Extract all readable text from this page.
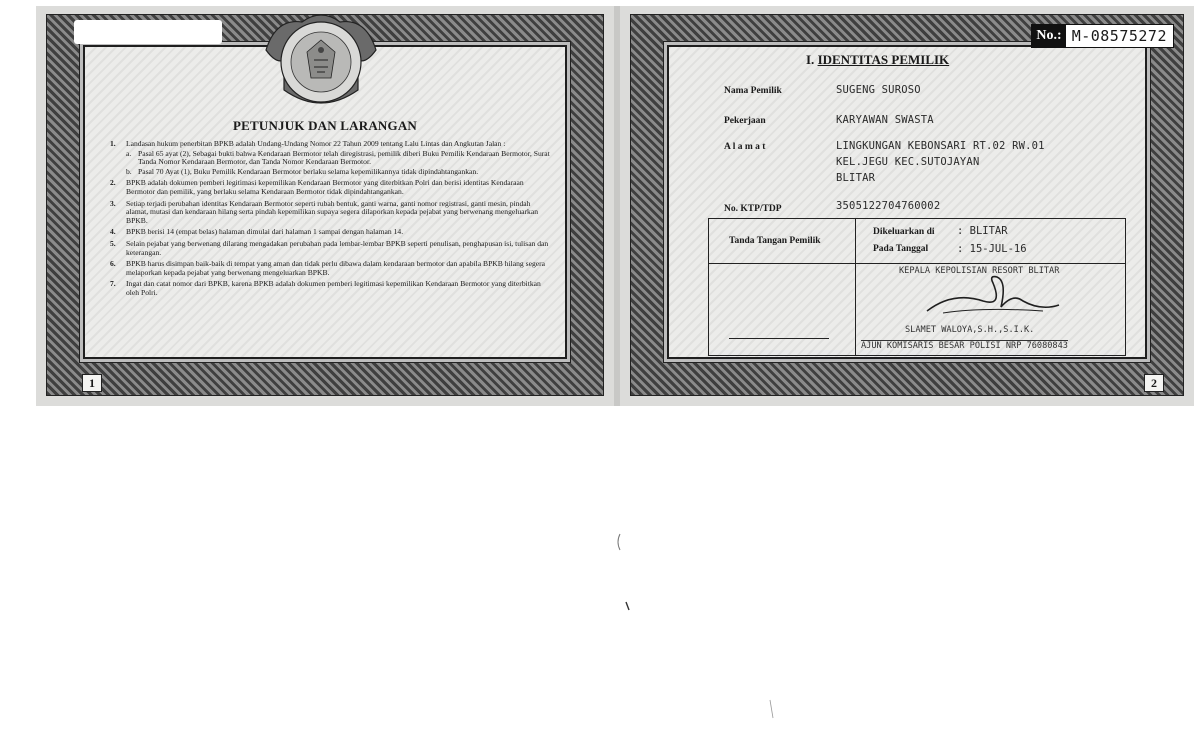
PETUNJUK DAN LARANGAN
1.	Landasan hukum penerbitan BPKB adalah Undang-Undang Nomor 22 Tahun 2009 tentang Lalu Lintas dan Angkutan Jalan :
a. Pasal 65 ayat (2), Sebagai bukti bahwa Kendaraan Bermotor telah diregistrasi, pemilik diberi Buku Pemilik Kendaraan Bermotor, Surat Tanda Nomor Kendaraan Bermotor, dan Tanda Nomor Kendaraan Bermotor.
b. Pasal 70 Ayat (1), Buku Pemilik Kendaraan Bermotor berlaku selama kepemilikannya tidak dipindahtangankan.
2.	BPKB adalah dokumen pemberi legitimasi kepemilikan Kendaraan Bermotor yang diterbitkan Polri dan berisi identitas Kendaraan Bermotor dan pemilik, yang berlaku selama Kendaraan Bermotor tidak dipindahtangankan.
3.	Setiap terjadi perubahan identitas Kendaraan Bermotor seperti rubah bentuk, ganti warna, ganti nomor registrasi, ganti mesin, pindah alamat, mutasi dan kendaraan hilang serta pindah kepemilikan supaya segera dilaporkan kepada pejabat yang berwenang mengeluarkan BPKB.
4.	BPKB berisi 14 (empat belas) halaman dimulai dari halaman 1 sampai dengan halaman 14.
5.	Selain pejabat yang berwenang dilarang mengadakan perubahan pada lembar-lembar BPKB seperti penulisan, penghapusan isi, tulisan dan keterangan.
6.	BPKB harus disimpan baik-baik di tempat yang aman dan tidak perlu dibawa dalam kendaraan bermotor dan apabila BPKB hilang segera melaporkan kepada pejabat yang berwenang mengeluarkan BPKB.
7.	Ingat dan catat nomor dari BPKB, karena BPKB adalah dokumen pemberi legitimasi kepemilikan Kendaraan Bermotor yang diterbitkan oleh Polri.
1
No.: M-08575272
I. IDENTITAS PEMILIK
Nama Pemilik	SUGENG SUROSO
Pekerjaan	KARYAWAN SWASTA
A l a m a t	LINGKUNGAN KEBONSARI RT.02 RW.01
KEL.JEGU KEC.SUTOJAYAN
BLITAR
No. KTP/TDP	3505122704760002
Tanda Tangan Pemilik
Dikeluarkan di : BLITAR
Pada Tanggal	: 15-JUL-16
KEPALA KEPOLISIAN RESORT BLITAR
SLAMET WALOYA,S.H.,S.I.K.
AJUN KOMISARIS BESAR POLISI NRP 76080843
2
